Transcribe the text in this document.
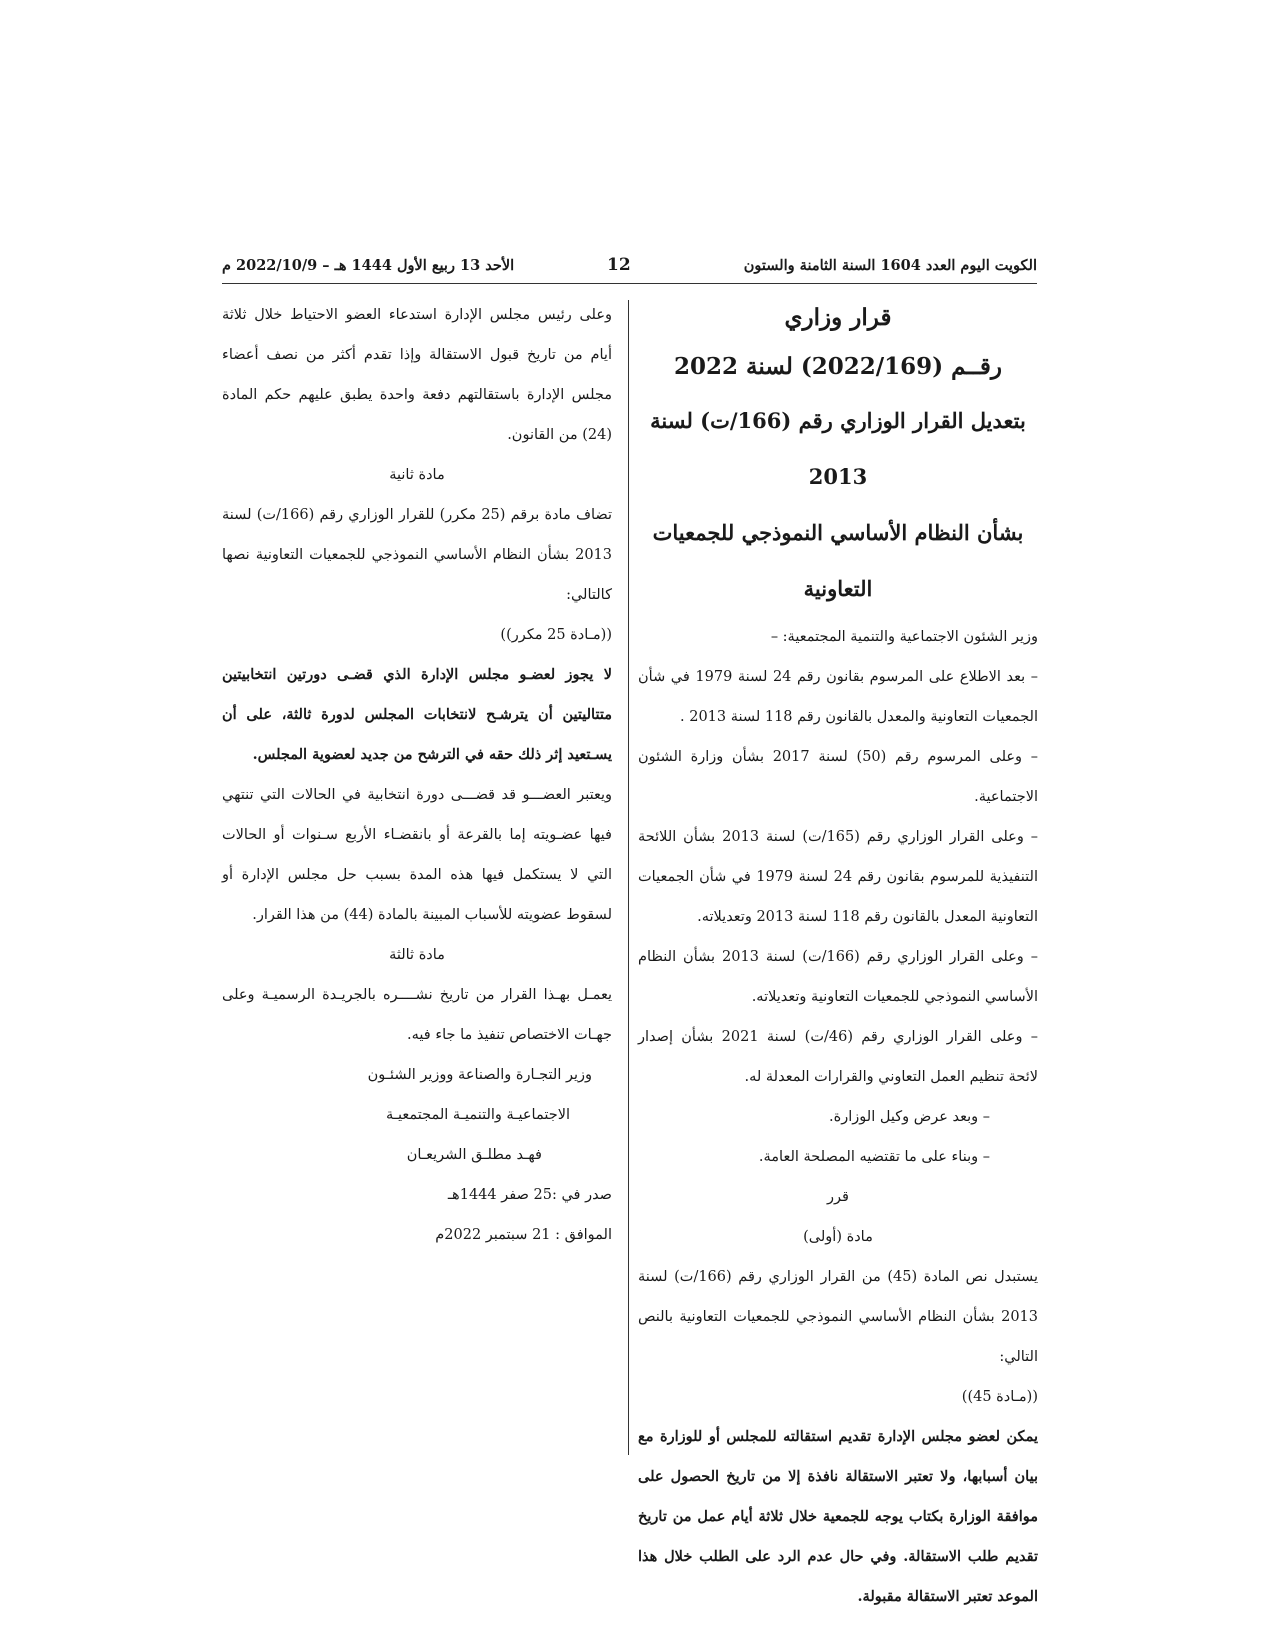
الكويت اليوم العدد 1604 السنة الثامنة والستون
12
الأحد 13 ربيع الأول 1444 هـ – 2022/10/9 م

قرار وزاري

رقــم (2022/169) لسنة 2022

بتعديل القرار الوزاري رقم (166/ت) لسنة 2013

بشأن النظام الأساسي النموذجي للجمعيات التعاونية

وزير الشئون الاجتماعية والتنمية المجتمعية: –

– بعد الاطلاع على المرسوم بقانون رقم 24 لسنة 1979 في شأن الجمعيات التعاونية والمعدل بالقانون رقم 118 لسنة 2013 .

– وعلى المرسوم رقم (50) لسنة 2017 بشأن وزارة الشئون الاجتماعية.

– وعلى القرار الوزاري رقم (165/ت) لسنة 2013 بشأن اللائحة التنفيذية للمرسوم بقانون رقم 24 لسنة 1979 في شأن الجمعيات التعاونية المعدل بالقانون رقم 118 لسنة 2013 وتعديلاته.

– وعلى القرار الوزاري رقم (166/ت) لسنة 2013 بشأن النظام الأساسي النموذجي للجمعيات التعاونية وتعديلاته.

– وعلى القرار الوزاري رقم (46/ت) لسنة 2021 بشأن إصدار لائحة تنظيم العمل التعاوني والقرارات المعدلة له.

– وبعد عرض وكيل الوزارة.

– وبناء على ما تقتضيه المصلحة العامة.

قرر

مادة (أولى)

يستبدل نص المادة (45) من القرار الوزاري رقم (166/ت) لسنة 2013 بشأن النظام الأساسي النموذجي للجمعيات التعاونية بالنص التالي:

((مـادة 45))

يمكن لعضو مجلس الإدارة تقديم استقالته للمجلس أو للوزارة مع بيان أسبابها، ولا تعتبر الاستقالة نافذة إلا من تاريخ الحصول على موافقة الوزارة بكتاب يوجه للجمعية خلال ثلاثة أيام عمل من تاريخ تقديم طلب الاستقالة. وفي حال عدم الرد على الطلب خلال هذا الموعد تعتبر الاستقالة مقبولة.

وعلى رئيس مجلس الإدارة استدعاء العضو الاحتياط خلال ثلاثة أيام من تاريخ قبول الاستقالة وإذا تقدم أكثر من نصف أعضاء مجلس الإدارة باستقالتهم دفعة واحدة يطبق عليهم حكم المادة (24) من القانون.

مادة ثانية

تضاف مادة برقم (25 مكرر) للقرار الوزاري رقم (166/ت) لسنة 2013 بشأن النظام الأساسي النموذجي للجمعيات التعاونية نصها كالتالي:

((مـادة 25 مكرر))

لا يجوز لعضـو مجلس الإدارة الذي قضـى دورتين انتخابيتين متتاليتين أن يترشـح لانتخابات المجلس لدورة ثالثة، على أن يسـتعيد إثر ذلك حقه في الترشح من جديد لعضوية المجلس.

ويعتبر العضـــو قد قضـــى دورة انتخابية في الحالات التي تنتهي فيها عضـويته إما بالقرعة أو بانقضـاء الأربع سـنوات أو الحالات التي لا يستكمل فيها هذه المدة بسبب حل مجلس الإدارة أو لسقوط عضويته للأسباب المبينة بالمادة (44) من هذا القرار.

مادة ثالثة

يعمـل بهـذا القرار من تاريخ نشــــره بالجريـدة الرسميـة وعلى جهـات الاختصاص تنفيذ ما جاء فيه.

وزير التجـارة والصناعة ووزير الشئـون

الاجتماعيـة والتنميـة المجتمعيـة

فهـد مطلـق الشريعـان

صدر في :25 صفر 1444هـ

الموافق : 21 سبتمبر 2022م
